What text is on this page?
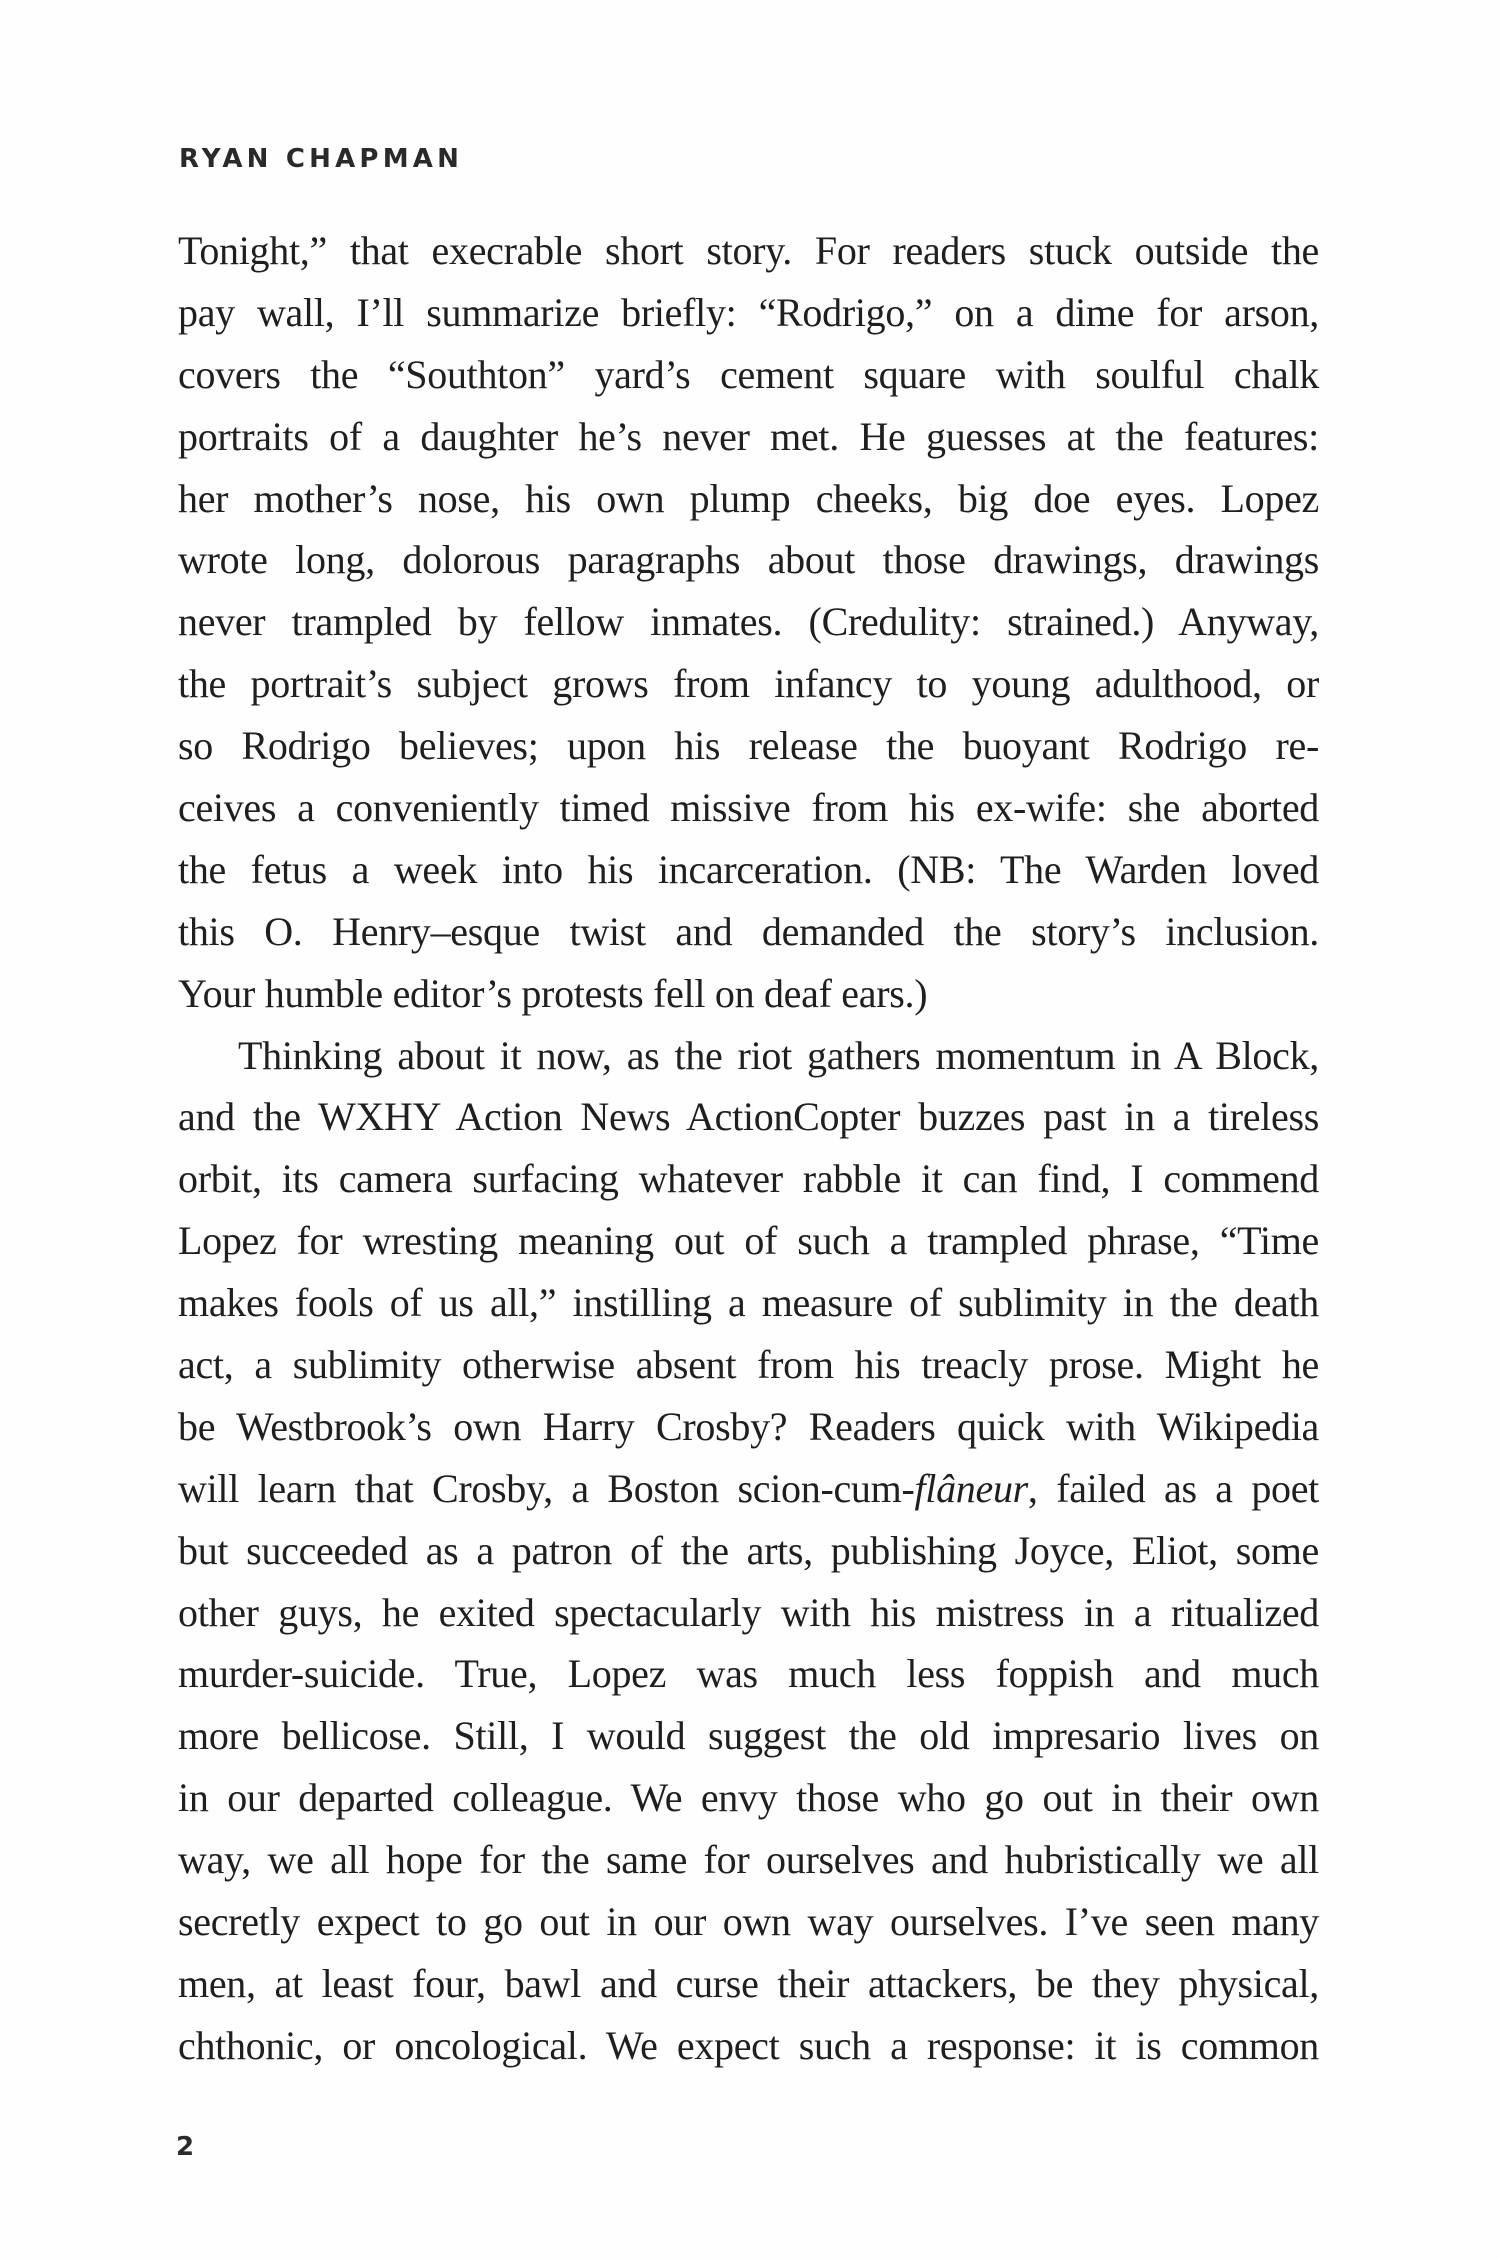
RYAN CHAPMAN
Tonight,” that execrable short story. For readers stuck outside the
pay wall, I’ll summarize briefly: “Rodrigo,” on a dime for arson,
covers the “Southton” yard’s cement square with soulful chalk
portraits of a daughter he’s never met. He guesses at the features:
her mother’s nose, his own plump cheeks, big doe eyes. Lopez
wrote long, dolorous paragraphs about those drawings, drawings
never trampled by fellow inmates. (Credulity: strained.) Anyway,
the portrait’s subject grows from infancy to young adulthood, or
so Rodrigo believes; upon his release the buoyant Rodrigo re-
ceives a conveniently timed missive from his ex-wife: she aborted
the fetus a week into his incarceration. (NB: The Warden loved
this O. Henry–esque twist and demanded the story’s inclusion.
Your humble editor’s protests fell on deaf ears.)
Thinking about it now, as the riot gathers momentum in A Block,
and the WXHY Action News ActionCopter buzzes past in a tireless
orbit, its camera surfacing whatever rabble it can find, I commend
Lopez for wresting meaning out of such a trampled phrase, “Time
makes fools of us all,” instilling a measure of sublimity in the death
act, a sublimity otherwise absent from his treacly prose. Might he
be Westbrook’s own Harry Crosby? Readers quick with Wikipedia
will learn that Crosby, a Boston scion-cum-flâneur, failed as a poet
but succeeded as a patron of the arts, publishing Joyce, Eliot, some
other guys, he exited spectacularly with his mistress in a ritualized
murder-suicide. True, Lopez was much less foppish and much
more bellicose. Still, I would suggest the old impresario lives on
in our departed colleague. We envy those who go out in their own
way, we all hope for the same for ourselves and hubristically we all
secretly expect to go out in our own way ourselves. I’ve seen many
men, at least four, bawl and curse their attackers, be they physical,
chthonic, or oncological. We expect such a response: it is common
2
